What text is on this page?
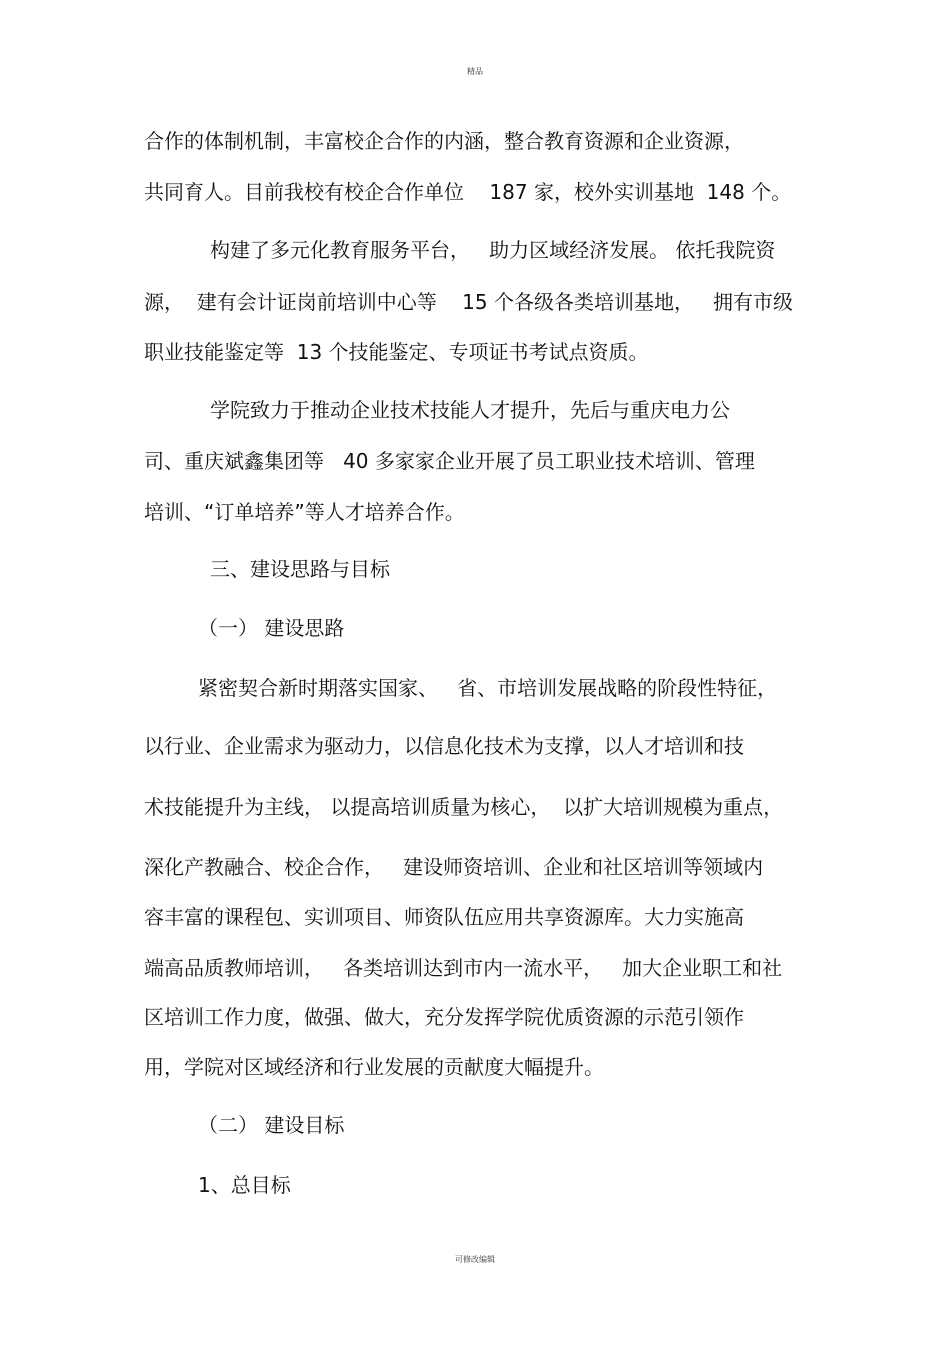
精品
合作的体制机制，丰富校企合作的内涵，整合教育资源和企业资源，
共同育人。目前我校有校企合作单位    187 家，校外实训基地  148 个。
构建了多元化教育服务平台，   助力区域经济发展。 依托我院资
源，  建有会计证岗前培训中心等    15 个各级各类培训基地，   拥有市级
职业技能鉴定等  13 个技能鉴定、专项证书考试点资质。
学院致力于推动企业技术技能人才提升，先后与重庆电力公
司、重庆斌鑫集团等   40 多家家企业开展了员工职业技术培训、管理
培训、“订单培养”等人才培养合作。
三、建设思路与目标
（一） 建设思路
紧密契合新时期落实国家、   省、市培训发展战略的阶段性特征，
以行业、企业需求为驱动力，以信息化技术为支撑，以人才培训和技
术技能提升为主线， 以提高培训质量为核心，  以扩大培训规模为重点，
深化产教融合、校企合作，   建设师资培训、企业和社区培训等领域内
容丰富的课程包、实训项目、师资队伍应用共享资源库。大力实施高
端高品质教师培训，   各类培训达到市内一流水平，   加大企业职工和社
区培训工作力度，做强、做大，充分发挥学院优质资源的示范引领作
用，学院对区域经济和行业发展的贡献度大幅提升。
（二） 建设目标
1、总目标
可修改编辑
